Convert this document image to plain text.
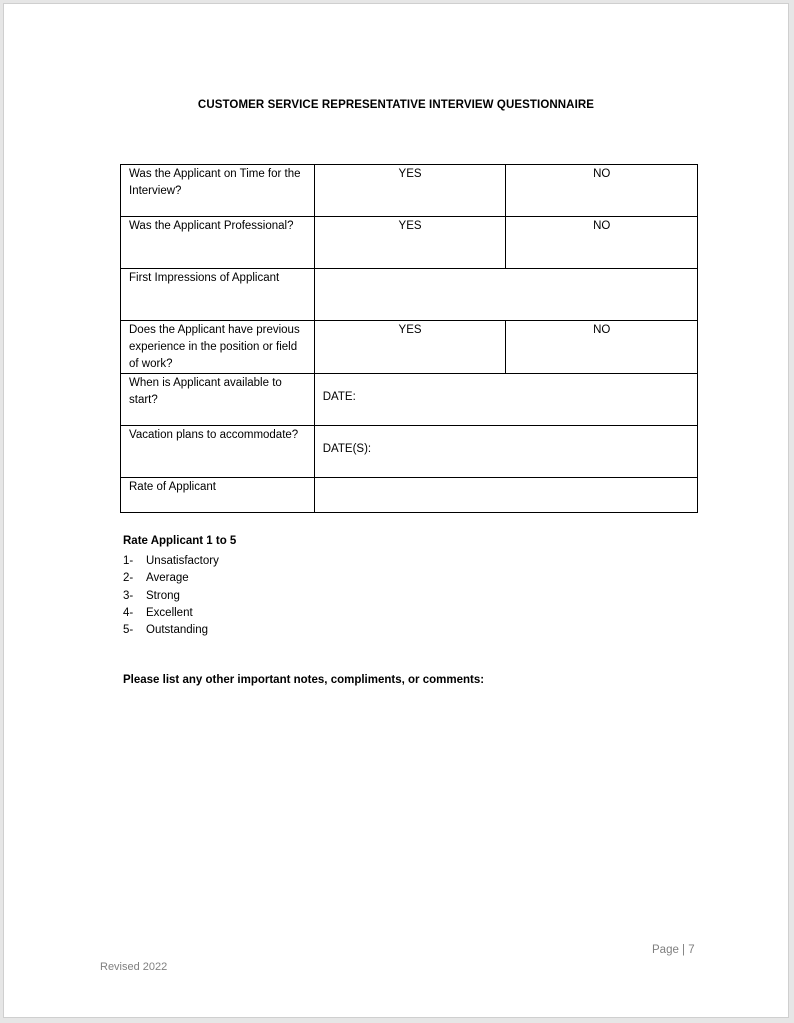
CUSTOMER SERVICE REPRESENTATIVE INTERVIEW QUESTIONNAIRE
Was the Applicant on Time for the Interview?	YES	NO
Was the Applicant Professional?	YES	NO
First Impressions of Applicant		
Does the Applicant have previous experience in the position or field of work?	YES	NO
When is Applicant available to start?	DATE:	

Vacation plans to accommodate?	DATE(S):	

Rate of Applicant		
Rate Applicant 1 to 5
1- Unsatisfactory
2- Average
3- Strong
4- Excellent
5- Outstanding
Please list any other important notes, compliments, or comments:
Page | 7
Revised 2022
